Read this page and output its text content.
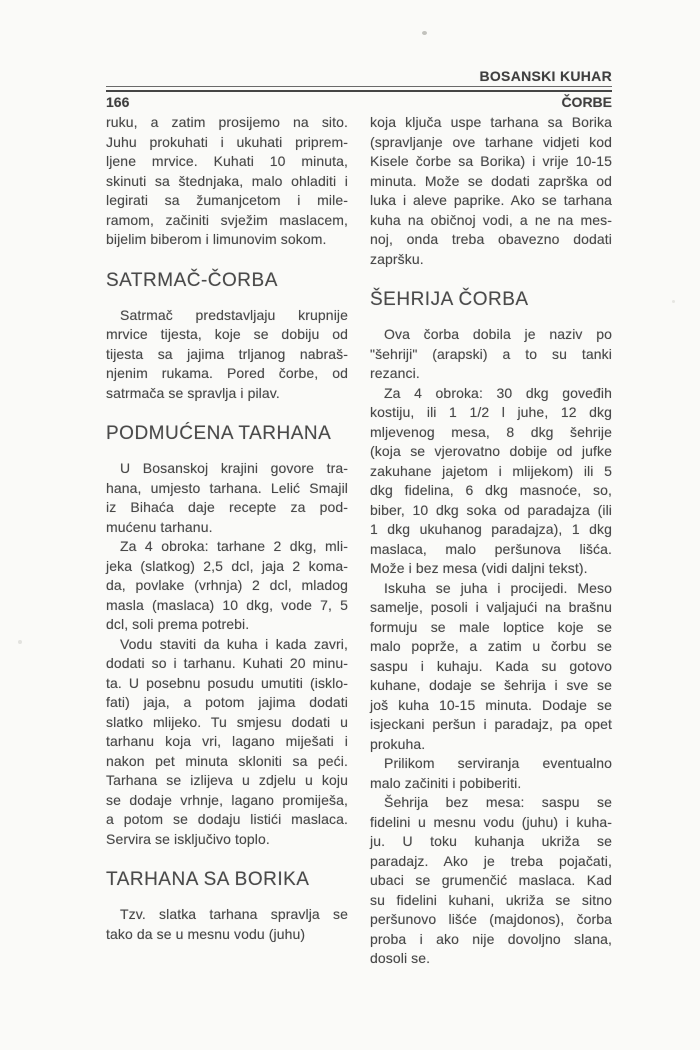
BOSANSKI KUHAR
166	ČORBE
ruku, a zatim prosijemo na sito.
Juhu prokuhati i ukuhati priprem-
ljene mrvice. Kuhati 10 minuta,
skinuti sa štednjaka, malo ohladiti i
legirati sa žumanjcetom i mile-
ramom, začiniti svježim maslacem,
bijelim biberom i limunovim sokom.
SATRMAČ-ČORBA
Satrmač predstavljaju krupnije
mrvice tijesta, koje se dobiju od
tijesta sa jajima trljanog nabraš-
njenim rukama. Pored čorbe, od
satrmača se spravlja i pilav.
PODMUĆENA TARHANA
U Bosanskoj krajini govore tra-
hana, umjesto tarhana. Lelić Smajil
iz Bihaća daje recepte za pod-
mućenu tarhanu.
Za 4 obroka: tarhane 2 dkg, mli-
jeka (slatkog) 2,5 dcl, jaja 2 koma-
da, povlake (vrhnja) 2 dcl, mladog
masla (maslaca) 10 dkg, vode 7, 5
dcl, soli prema potrebi.
Vodu staviti da kuha i kada zavri,
dodati so i tarhanu. Kuhati 20 minu-
ta. U posebnu posudu umutiti (isklo-
fati) jaja, a potom jajima dodati
slatko mlijeko. Tu smjesu dodati u
tarhanu koja vri, lagano miješati i
nakon pet minuta skloniti sa peći.
Tarhana se izlijeva u zdjelu u koju
se dodaje vrhnje, lagano promiješa,
a potom se dodaju listići maslaca.
Servira se isključivo toplo.
TARHANA SA BORIKA
Tzv. slatka tarhana spravlja se
tako da se u mesnu vodu (juhu)
koja ključa uspe tarhana sa Borika
(spravljanje ove tarhane vidjeti kod
Kisele čorbe sa Borika) i vrije 10-15
minuta. Može se dodati zaprška od
luka i aleve paprike. Ako se tarhana
kuha na običnoj vodi, a ne na mes-
noj, onda treba obavezno dodati
zapršku.
ŠEHRIJA ČORBA
Ova čorba dobila je naziv po
"šehriji" (arapski) a to su tanki
rezanci.
Za 4 obroka: 30 dkg goveđih
kostiju, ili 1 1/2 l juhe, 12 dkg
mljevenog mesa, 8 dkg šehrije
(koja se vjerovatno dobije od jufke
zakuhane jajetom i mlijekom) ili 5
dkg fidelina, 6 dkg masnoće, so,
biber, 10 dkg soka od paradajza (ili
1 dkg ukuhanog paradajza), 1 dkg
maslaca, malo peršunova lišća.
Može i bez mesa (vidi daljni tekst).
Iskuha se juha i procijedi. Meso
samelje, posoli i valjajući na brašnu
formuju se male loptice koje se
malo poprže, a zatim u čorbu se
saspu i kuhaju. Kada su gotovo
kuhane, dodaje se šehrija i sve se
još kuha 10-15 minuta. Dodaje se
isjeckani peršun i paradajz, pa opet
prokuha.
Prilikom serviranja eventualno
malo začiniti i pobiberiti.
Šehrija bez mesa: saspu se
fidelini u mesnu vodu (juhu) i kuha-
ju. U toku kuhanja ukriža se
paradajz. Ako je treba pojačati,
ubaci se grumenčić maslaca. Kad
su fidelini kuhani, ukriža se sitno
peršunovo lišće (majdonos), čorba
proba i ako nije dovoljno slana,
dosoli se.
